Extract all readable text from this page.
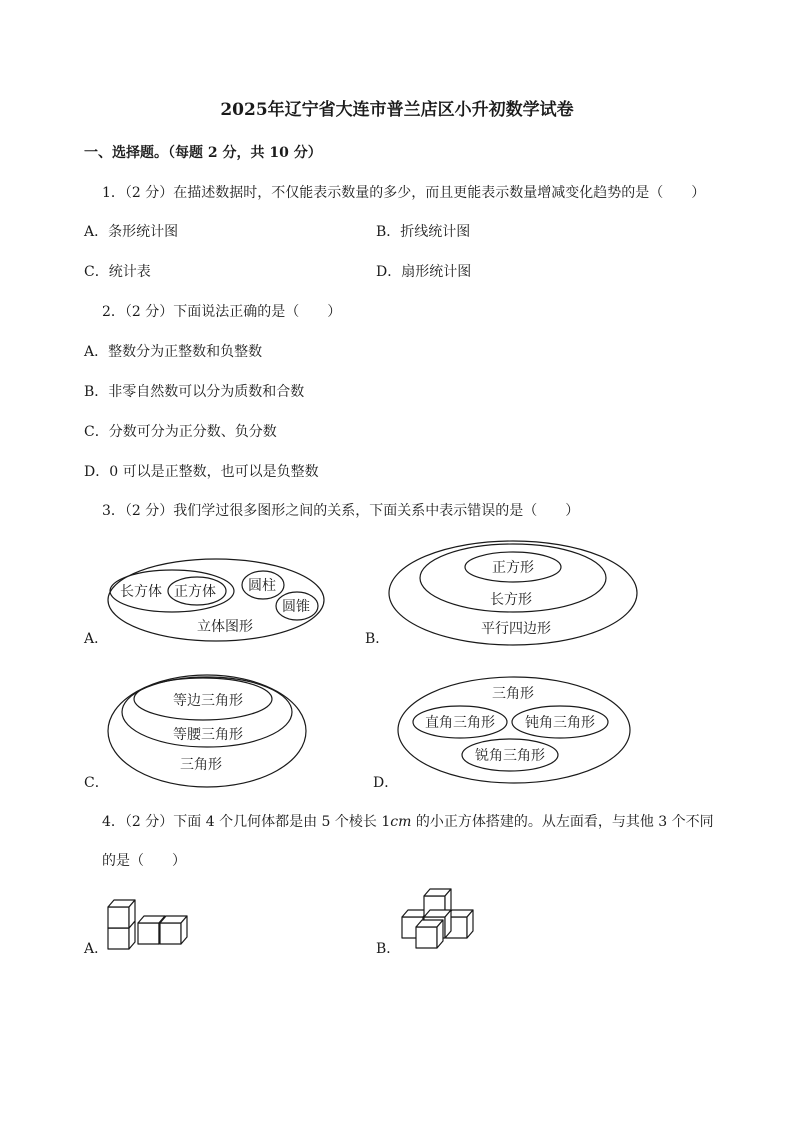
2025年辽宁省大连市普兰店区小升初数学试卷
一、选择题。（每题 2 分，共 10 分）
1．（2 分）在描述数据时，不仅能表示数量的多少，而且更能表示数量增减变化趋势的是（　　）
A．条形统计图	B．折线统计图
C．统计表	D．扇形统计图
2．（2 分）下面说法正确的是（　　）
A．整数分为正整数和负整数
B．非零自然数可以分为质数和合数
C．分数可分为正分数、负分数
D．0 可以是正整数，也可以是负整数
3．（2 分）我们学过很多图形之间的关系，下面关系中表示错误的是（　　）
A．
长方体 正方体 圆柱
圆锥
立体图形
B．
正方形
长方形
平行四边形
C．
等边三角形
等腰三角形
三角形
D．
三角形
直角三角形 钝角三角形
锐角三角形
4．（2 分）下面 4 个几何体都是由 5 个棱长 1cm 的小正方体搭建的。从左面看，与其他 3 个不同
的是（　　）
A．	B．
